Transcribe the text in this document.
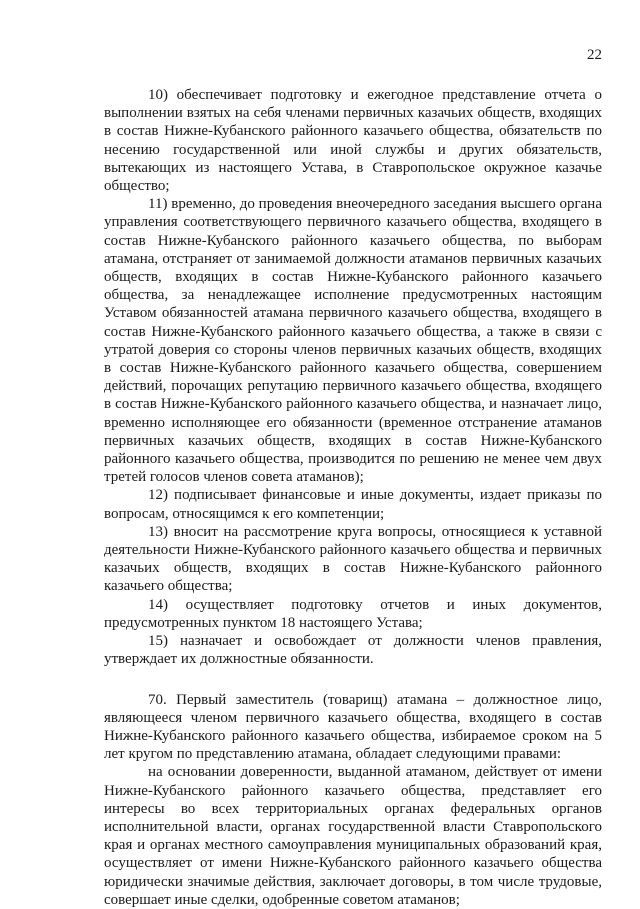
22

10) обеспечивает подготовку и ежегодное представление отчета о выполнении взятых на себя членами первичных казачьих обществ, входящих в состав Нижне-Кубанского районного казачьего общества, обязательств по несению государственной или иной службы и других обязательств, вытекающих из настоящего Устава, в Ставропольское окружное казачье общество;

11) временно, до проведения внеочередного заседания высшего органа управления соответствующего первичного казачьего общества, входящего в состав Нижне-Кубанского районного казачьего общества, по выборам атамана, отстраняет от занимаемой должности атаманов первичных казачьих обществ, входящих в состав Нижне-Кубанского районного казачьего общества, за ненадлежащее исполнение предусмотренных настоящим Уставом обязанностей атамана первичного казачьего общества, входящего в состав Нижне-Кубанского районного казачьего общества, а также в связи с утратой доверия со стороны членов первичных казачьих обществ, входящих в состав Нижне-Кубанского районного казачьего общества, совершением действий, порочащих репутацию первичного казачьего общества, входящего в состав Нижне-Кубанского районного казачьего общества, и назначает лицо, временно исполняющее его обязанности (временное отстранение атаманов первичных казачьих обществ, входящих в состав Нижне-Кубанского районного казачьего общества, производится по решению не менее чем двух третей голосов членов совета атаманов);

12) подписывает финансовые и иные документы, издает приказы по вопросам, относящимся к его компетенции;

13) вносит на рассмотрение круга вопросы, относящиеся к уставной деятельности Нижне-Кубанского районного казачьего общества и первичных казачьих обществ, входящих в состав Нижне-Кубанского районного казачьего общества;

14) осуществляет подготовку отчетов и иных документов, предусмотренных пунктом 18 настоящего Устава;

15) назначает и освобождает от должности членов правления, утверждает их должностные обязанности.

70. Первый заместитель (товарищ) атамана – должностное лицо, являющееся членом первичного казачьего общества, входящего в состав Нижне-Кубанского районного казачьего общества, избираемое сроком на 5 лет кругом по представлению атамана, обладает следующими правами:

на основании доверенности, выданной атаманом, действует от имени Нижне-Кубанского районного казачьего общества, представляет его интересы во всех территориальных органах федеральных органов исполнительной власти, органах государственной власти Ставропольского края и органах местного самоуправления муниципальных образований края, осуществляет от имени Нижне-Кубанского районного казачьего общества юридически значимые действия, заключает договоры, в том числе трудовые, совершает иные сделки, одобренные советом атаманов;
